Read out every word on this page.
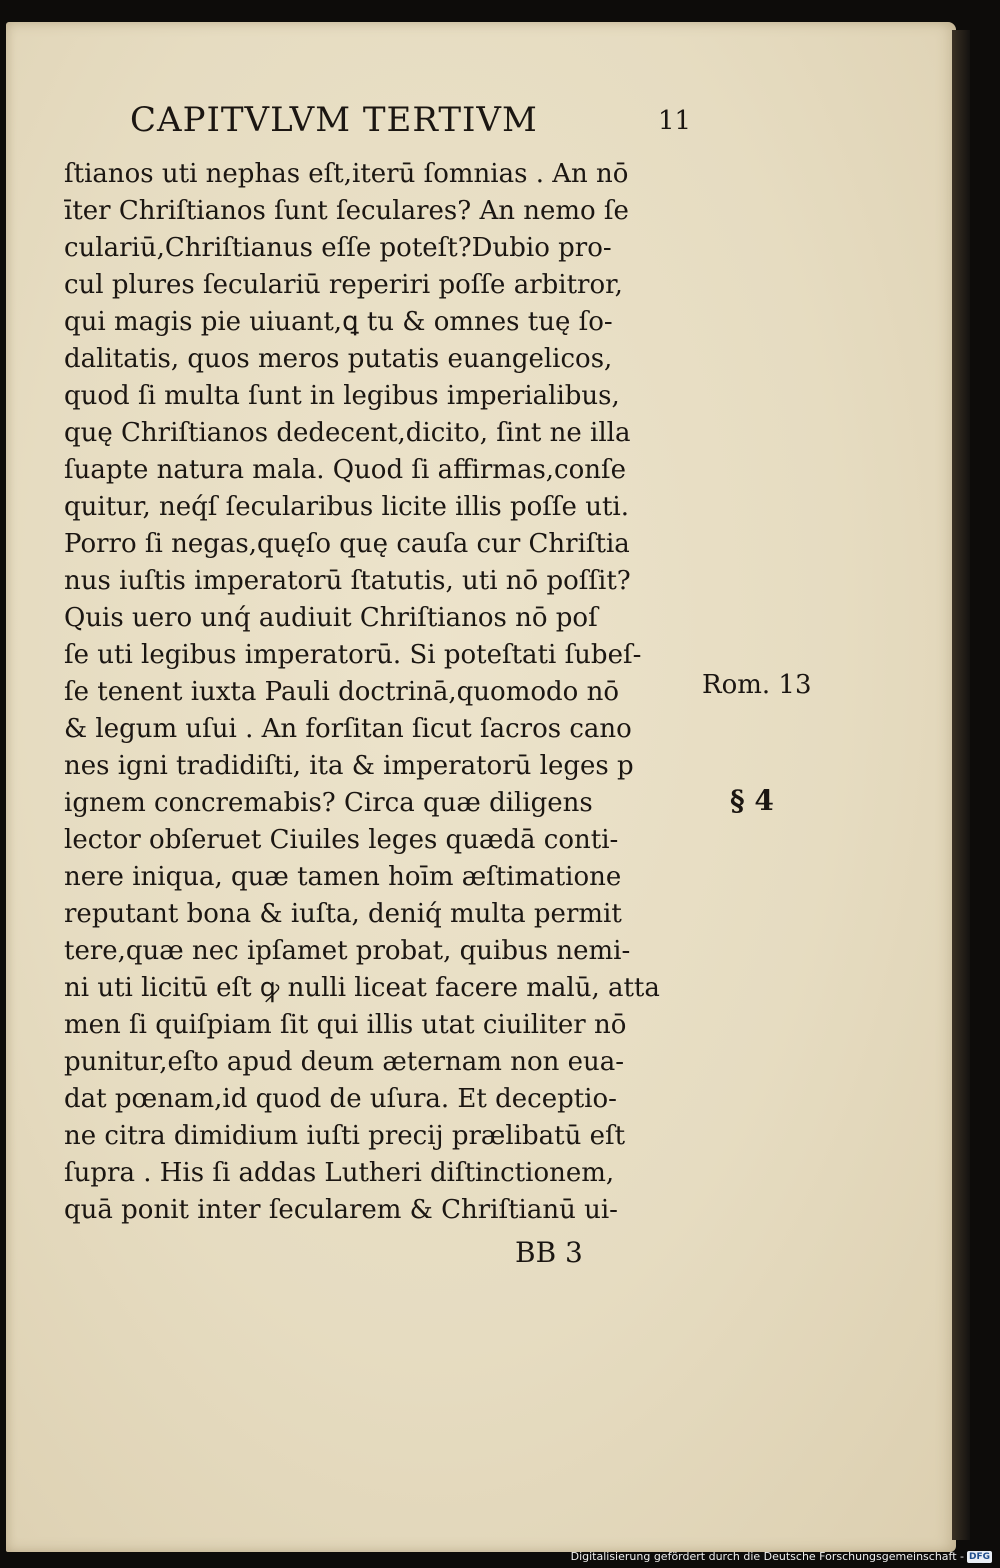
CAPITVLVM TERTIVM	11
ſtianos uti nephas eſt,iterū ſomnias . An nō
īter Chriſtianos ſunt ſeculares? An nemo ſe
culariū,Chriſtianus eſſe poteſt?Dubio pro-
cul plures ſeculariū reperiri poſſe arbitror,
qui magis pie uiuant,ꝗ tu & omnes tuę ſo-
dalitatis, quos meros putatis euangelicos,
quod ſi multa ſunt in legibus imperialibus,
quę Chriſtianos dedecent,dicito, ſint ne illa
ſuapte natura mala. Quod ſi affirmas,conſe
quitur, neq́ſ ſecularibus licite illis poſſe uti.
Porro ſi negas,quęſo quę cauſa cur Chriſtia
nus iuſtis imperatorū ſtatutis, uti nō poſſit?
Quis uero unq́ audiuit Chriſtianos nō poſ
ſe uti legibus imperatorū. Si poteſtati ſubeſ-
ſe tenent iuxta Pauli doctrinā,quomodo nō
& legum uſui . An forſitan ſicut ſacros cano
nes igni tradidiſti, ita & imperatorū leges p
ignem concremabis? Circa quæ diligens
lector obſeruet Ciuiles leges quædā conti-
nere iniqua, quæ tamen hoīm æſtimatione
reputant bona & iuſta, deniq́ multa permit
tere,quæ nec ipſamet probat, quibus nemi-
ni uti licitū eſt ꝙ nulli liceat facere malū, atta
men ſi quiſpiam ſit qui illis utat ciuiliter nō
punitur,eſto apud deum æternam non eua-
dat pœnam,id quod de uſura. Et deceptio-
ne citra dimidium iuſti precij prælibatū eſt
ſupra . His ſi addas Lutheri diſtinctionem,
quā ponit inter ſecularem & Chriſtianū ui-
Rom. 13
§ 4
BB 3
Digitalisierung gefördert durch die Deutsche Forschungsgemeinschaft - DFG
